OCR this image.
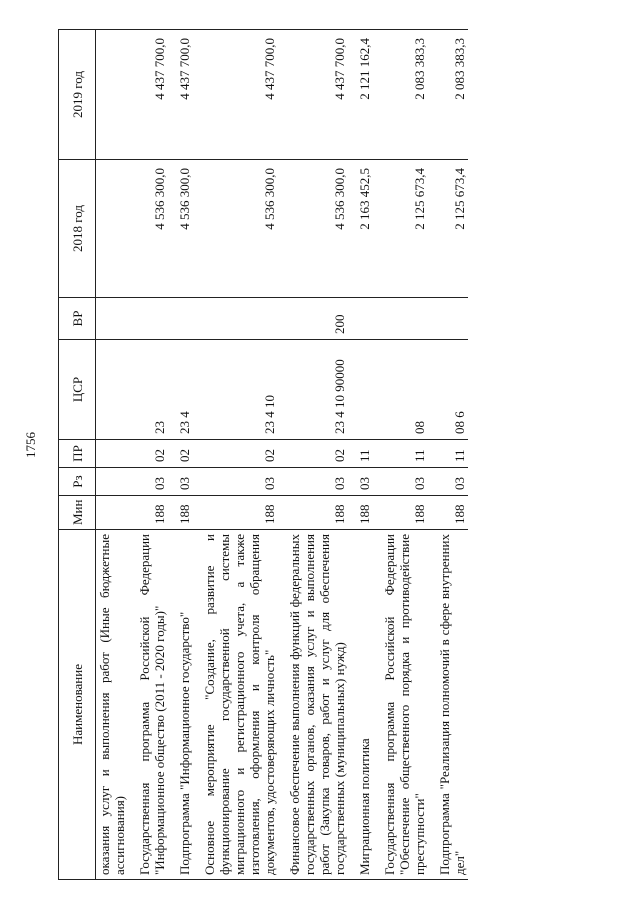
1756
Наименование	Мин	Рз	ПР	ЦСР	ВР	2018 год	2019 год
оказания услуг и выполнения работ (Иные бюджетные ассигнования)							

Государственная программа Российской Федерации "Информационное общество (2011 - 2020 годы)"	188	03	02	23		4 536 300,0	4 437 700,0

Подпрограмма "Информационное государство"	188	03	02	23 4		4 536 300,0	4 437 700,0

Основное мероприятие "Создание, развитие и функционирование государственной системы миграционного и регистрационного учета, а также изготовления, оформления и контроля обращения документов, удостоверяющих личность"	188	03	02	23 4 10		4 536 300,0	4 437 700,0

Финансовое обеспечение выполнения функций федеральных государственных органов, оказания услуг и выполнения работ (Закупка товаров, работ и услуг для обеспечения государственных (муниципальных) нужд)	188	03	02	23 4 10 90000	200	4 536 300,0	4 437 700,0

Миграционная политика	188	03	11			2 163 452,5	2 121 162,4

Государственная программа Российской Федерации "Обеспечение общественного порядка и противодействие преступности"	188	03	11	08		2 125 673,4	2 083 383,3

Подпрограмма "Реализация полномочий в сфере внутренних дел"	188	03	11	08 6		2 125 673,4	2 083 383,3
